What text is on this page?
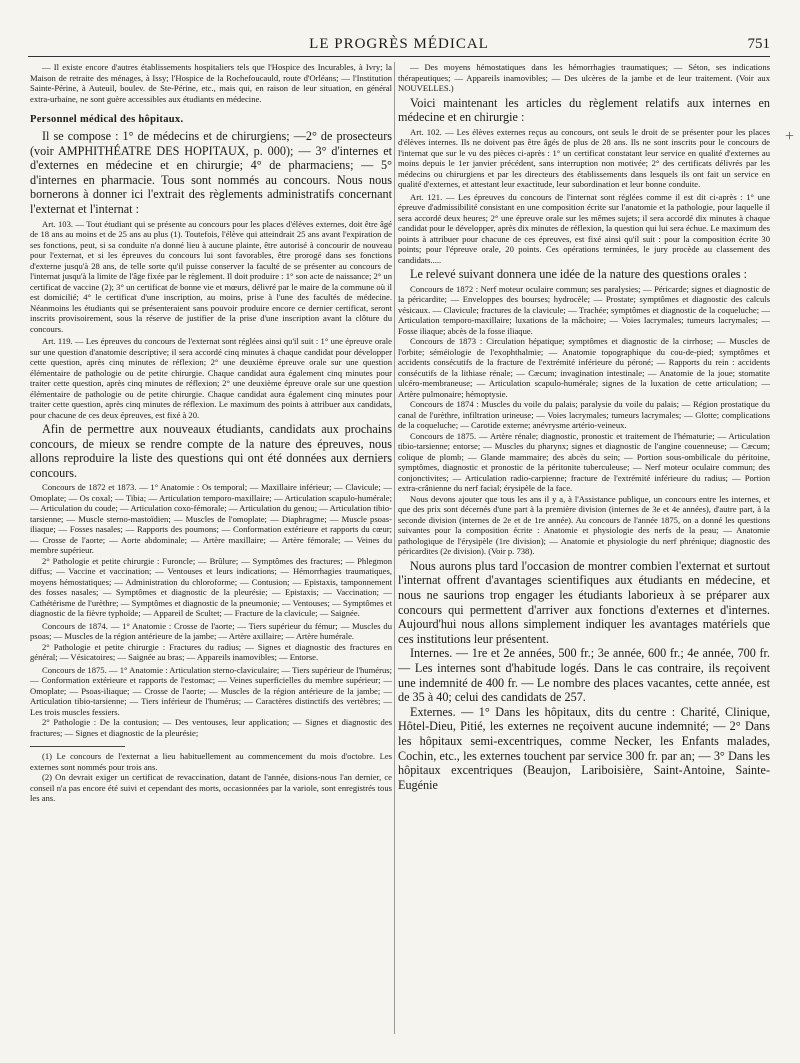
LE PROGRÈS MÉDICAL	751
+

— Il existe encore d'autres établissements hospitaliers tels que l'Hospice des Incurables, à Ivry; la Maison de retraite des ménages, à Issy; l'Hospice de la Rochefoucauld, route d'Orléans; — l'Institution Sainte-Périne, à Auteuil, boulev. de Ste-Périne, etc., mais qui, en raison de leur situation, en général extra-urbaine, ne sont guère accessibles aux étudiants en médecine.

Personnel médical des hôpitaux.

Il se compose : 1° de médecins et de chirurgiens; —2° de prosecteurs (voir AMPHITHÉATRE DES HOPITAUX, p. 000); — 3° d'internes et d'externes en médecine et en chirurgie; 4° de pharmaciens; — 5° d'internes en pharmacie. Tous sont nommés au concours. Nous nous bornerons à donner ici l'extrait des règlements administratifs concernant l'externat et l'internat :

Art. 103. — Tout étudiant qui se présente au concours pour les places d'élèves externes, doit être âgé de 18 ans au moins et de 25 ans au plus (1). Toutefois, l'élève qui atteindrait 25 ans avant l'expiration de ses fonctions, peut, si sa conduite n'a donné lieu à aucune plainte, être autorisé à concourir de nouveau pour l'externat, et si les épreuves du concours lui sont favorables, être prorogé dans ses fonctions d'externe jusqu'à 28 ans, de telle sorte qu'il puisse conserver la faculté de se présenter au concours de l'internat jusqu'à la limite de l'âge fixée par le règlement. Il doit produire : 1° son acte de naissance; 2° un certificat de vaccine (2); 3° un certificat de bonne vie et mœurs, délivré par le maire de la commune où il est domicilié; 4° le certificat d'une inscription, au moins, prise à l'une des facultés de médecine. Néanmoins les étudiants qui se présenteraient sans pouvoir produire encore ce dernier certificat, seront inscrits provisoirement, sous la réserve de justifier de la prise d'une inscription avant la clôture du concours.

Art. 119. — Les épreuves du concours de l'externat sont réglées ainsi qu'il suit : 1° une épreuve orale sur une question d'anatomie descriptive; il sera accordé cinq minutes à chaque candidat pour développer cette question, après cinq minutes de réflexion; 2° une deuxième épreuve orale sur une question élémentaire de pathologie ou de petite chirurgie. Chaque candidat aura également cinq minutes pour traiter cette question, après cinq minutes de réflexion; 2° une deuxième épreuve orale sur une question élémentaire de pathologie ou de petite chirurgie. Chaque candidat aura également cinq minutes pour traiter cette question, après cinq minutes de réflexion. Le maximum des points à attribuer aux candidats, pour chacune de ces deux épreuves, est fixé à 20.

Afin de permettre aux nouveaux étudiants, candidats aux prochains concours, de mieux se rendre compte de la nature des épreuves, nous allons reproduire la liste des questions qui ont été données aux derniers concours.

Concours de 1872 et 1873. — 1° Anatomie : Os temporal; — Maxillaire inférieur; — Clavicule; — Omoplate; — Os coxal; — Tibia; — Articulation temporo-maxillaire; — Articulation scapulo-humérale; — Articulation du coude; — Articulation coxo-fémorale; — Articulation du genou; — Articulation tibio-tarsienne; — Muscle sterno-mastoïdien; — Muscles de l'omoplate; — Diaphragme; — Muscle psoas-iliaque; — Fosses nasales; — Rapports des poumons; — Conformation extérieure et rapports du cœur; — Crosse de l'aorte; — Aorte abdominale; — Artère maxillaire; — Artère fémorale; — Veines du membre supérieur.

2° Pathologie et petite chirurgie : Furoncle; — Brûlure; — Symptômes des fractures; — Phlegmon diffus; — Vaccine et vaccination; — Ventouses et leurs indications; — Hémorrhagies traumatiques, moyens hémostatiques; — Administration du chloroforme; — Contusion; — Epistaxis, tamponnement des fosses nasales; — Symptômes et diagnostic de la pleurésie; — Epistaxis; — Vaccination; — Cathétérisme de l'urèthre; — Symptômes et diagnostic de la pneumonie; — Ventouses; — Symptômes et diagnostic de la fièvre typhoïde; — Appareil de Scultet; — Fracture de la clavicule; — Saignée.

Concours de 1874. — 1° Anatomie : Crosse de l'aorte; — Tiers supérieur du fémur; — Muscles du psoas; — Muscles de la région antérieure de la jambe; — Artère axillaire; — Artère humérale.

2° Pathologie et petite chirurgie : Fractures du radius; — Signes et diagnostic des fractures en général; — Vésicatoires; — Saignée au bras; — Appareils inamovibles; — Entorse.

Concours de 1875. — 1° Anatomie : Articulation sterno-claviculaire; — Tiers supérieur de l'humérus; — Conformation extérieure et rapports de l'estomac; — Veines superficielles du membre supérieur; — Omoplate; — Psoas-iliaque; — Crosse de l'aorte; — Muscles de la région antérieure de la jambe; — Articulation tibio-tarsienne; — Tiers inférieur de l'humérus; — Caractères distinctifs des vertèbres; — Les trois muscles fessiers.

2° Pathologie : De la contusion; — Des ventouses, leur application; — Signes et diagnostic des fractures; — Signes et diagnostic de la pleurésie;

(1) Le concours de l'externat a lieu habituellement au commencement du mois d'octobre. Les externes sont nommés pour trois ans.

(2) On devrait exiger un certificat de revaccination, datant de l'année, disions-nous l'an dernier, ce conseil n'a pas encore été suivi et cependant des morts, occasionnées par la variole, sont enregistrés tous les ans.

— Des moyens hémostatiques dans les hémorrhagies traumatiques; — Séton, ses indications thérapeutiques; — Appareils inamovibles; — Des ulcères de la jambe et de leur traitement. (Voir aux NOUVELLES.)

Voici maintenant les articles du règlement relatifs aux internes en médecine et en chirurgie :

Art. 102. — Les élèves externes reçus au concours, ont seuls le droit de se présenter pour les places d'élèves internes. Ils ne doivent pas être âgés de plus de 28 ans. Ils ne sont inscrits pour le concours de l'internat que sur le vu des pièces ci-après : 1° un certificat constatant leur service en qualité d'externes au moins depuis le 1er janvier précédent, sans interruption non motivée; 2° des certificats délivrés par les médecins ou chirurgiens et par les directeurs des établissements dans lesquels ils ont fait un service en qualité d'externes, et attestant leur exactitude, leur subordination et leur bonne conduite.

Art. 121. — Les épreuves du concours de l'internat sont réglées comme il est dit ci-après : 1° une épreuve d'admissibilité consistant en une composition écrite sur l'anatomie et la pathologie, pour laquelle il sera accordé deux heures; 2° une épreuve orale sur les mêmes sujets; il sera accordé dix minutes à chaque candidat pour le développer, après dix minutes de réflexion, la question qui lui sera échue. Le maximum des points à attribuer pour chacune de ces épreuves, est fixé ainsi qu'il suit : pour la composition écrite 30 points; pour l'épreuve orale, 20 points. Ces opérations terminées, le jury procède au classement des candidats.....

Le relevé suivant donnera une idée de la nature des questions orales :

Concours de 1872 : Nerf moteur oculaire commun; ses paralysies; — Péricarde; signes et diagnostic de la péricardite; — Enveloppes des bourses; hydrocèle; — Prostate; symptômes et diagnostic des calculs vésicaux. — Clavicule; fractures de la clavicule; — Trachée; symptômes et diagnostic de la coqueluche; — Articulation temporo-maxillaire; luxations de la mâchoire; — Voies lacrymales; tumeurs lacrymales; — Fosse iliaque; abcès de la fosse iliaque.

Concours de 1873 : Circulation hépatique; symptômes et diagnostic de la cirrhose; — Muscles de l'orbite; séméiologie de l'exophthalmie; — Anatomie topographique du cou-de-pied; symptômes et accidents consécutifs de la fracture de l'extrémité inférieure du péroné; — Rapports du rein : accidents consécutifs de la lithiase rénale; — Cæcum; invagination intestinale; — Anatomie de la joue; stomatite ulcéro-membraneuse; — Articulation scapulo-humérale; signes de la luxation de cette articulation; — Artère pulmonaire; hémoptysie.

Concours de 1874 : Muscles du voile du palais; paralysie du voile du palais; — Région prostatique du canal de l'urèthre, infiltration urineuse; — Voies lacrymales; tumeurs lacrymales; — Glotte; complications de la coqueluche; — Carotide externe; anévrysme artério-veineux.

Concours de 1875. — Artère rénale; diagnostic, pronostic et traitement de l'hématurie; — Articulation tibio-tarsienne; entorse; — Muscles du pharynx; signes et diagnostic de l'angine couenneuse; — Cæcum; colique de plomb; — Glande mammaire; des abcès du sein; — Portion sous-ombilicale du péritoine, symptômes, diagnostic et pronostic de la péritonite tuberculeuse; — Nerf moteur oculaire commun; des conjonctivites; — Articulation radio-carpienne; fracture de l'extrémité inférieure du radius; — Portion extra-crânienne du nerf facial; érysipèle de la face.

Nous devons ajouter que tous les ans il y a, à l'Assistance publique, un concours entre les internes, et que des prix sont décernés d'une part à la première division (internes de 3e et 4e années), d'autre part, à la seconde division (internes de 2e et de 1re année). Au concours de l'année 1875, on a donné les questions suivantes pour la composition écrite : Anatomie et physiologie des nerfs de la peau; — Anatomie pathologique de l'érysipèle (1re division); — Anatomie et physiologie du nerf phrénique; diagnostic des péricardites (2e division). (Voir p. 738).

Nous aurons plus tard l'occasion de montrer combien l'externat et surtout l'internat offrent d'avantages scientifiques aux étudiants en médecine, et nous ne saurions trop engager les étudiants laborieux à se préparer aux concours qui permettent d'arriver aux fonctions d'externes et d'internes. Aujourd'hui nous allons simplement indiquer les avantages matériels que ces institutions leur présentent.

Internes. — 1re et 2e années, 500 fr.; 3e année, 600 fr.; 4e année, 700 fr. — Les internes sont d'habitude logés. Dans le cas contraire, ils reçoivent une indemnité de 400 fr. — Le nombre des places vacantes, cette année, est de 35 à 40; celui des candidats de 257.

Externes. — 1° Dans les hôpitaux, dits du centre : Charité, Clinique, Hôtel-Dieu, Pitié, les externes ne reçoivent aucune indemnité; — 2° Dans les hôpitaux semi-excentriques, comme Necker, les Enfants malades, Cochin, etc., les externes touchent par service 300 fr. par an; — 3° Dans les hôpitaux excentriques (Beaujon, Lariboisière, Saint-Antoine, Sainte-Eugénie
